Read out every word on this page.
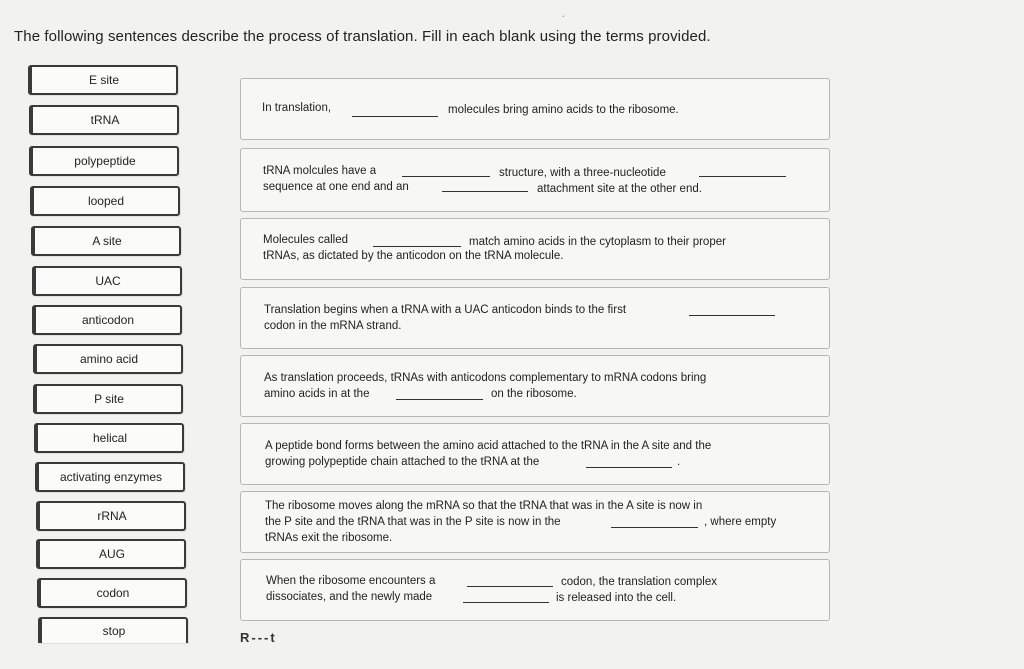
The following sentences describe the process of translation. Fill in each blank using the terms provided.
ˊ
E site
tRNA
polypeptide
looped
A site
UAC
anticodon
amino acid
P site
helical
activating enzymes
rRNA
AUG
codon
stop
In translation,	molecules bring amino acids to the ribosome.
tRNA molcules have a	structure, with a three-nucleotide
sequence at one end and an	attachment site at the other end.
Molecules called	match amino acids in the cytoplasm to their proper
tRNAs, as dictated by the anticodon on the tRNA molecule.
Translation begins when a tRNA with a UAC anticodon binds to the first
codon in the mRNA strand.
As translation proceeds, tRNAs with anticodons complementary to mRNA codons bring
amino acids in at the	on the ribosome.
A peptide bond forms between the amino acid attached to the tRNA in the A site and the
growing polypeptide chain attached to the tRNA at the	.
The ribosome moves along the mRNA so that the tRNA that was in the A site is now in
the P site and the tRNA that was in the P site is now in the	, where empty
tRNAs exit the ribosome.
When the ribosome encounters a	codon, the translation complex
dissociates, and the newly made	is released into the cell.
R---t
